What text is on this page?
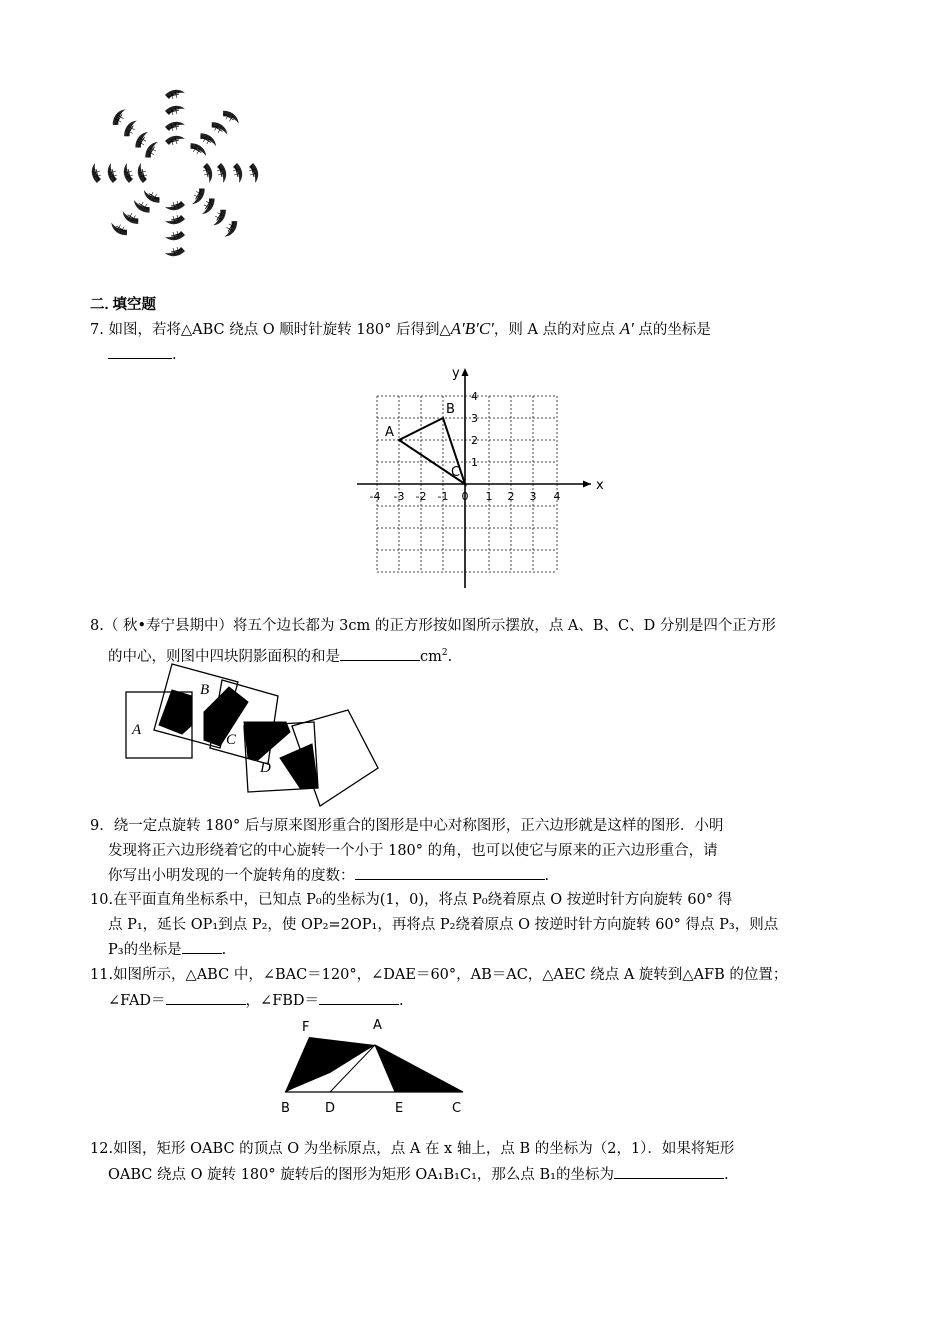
二. 填空题
7. 如图，若将△ABC 绕点 O 顺时针旋转 180° 后得到△A′B′C′，则 A 点的对应点 A′ 点的坐标是
.
x
y
-4 -3 -2 -1 0 1 2 3 4
1
2
3
4
A
B
C
8.（ 秋•寿宁县期中）将五个边长都为 3cm 的正方形按如图所示摆放，点 A、B、C、D 分别是四个正方形
的中心，则图中四块阴影面积的和是	$cm^2$.
A
B
C
D
9．绕一定点旋转 180° 后与原来图形重合的图形是中心对称图形，正六边形就是这样的图形．小明
发现将正六边形绕着它的中心旋转一个小于 180° 的角，也可以使它与原来的正六边形重合，请
你写出小明发现的一个旋转角的度数：	.
10.在平面直角坐标系中，已知点 P₀的坐标为(1，0)，将点 P₀绕着原点 O 按逆时针方向旋转 60° 得
点 P₁，延长 OP₁到点 P₂，使 OP₂=2OP₁，再将点 P₂绕着原点 O 按逆时针方向旋转 60° 得点 P₃，则点
P₃的坐标是	.
11.如图所示，△ABC 中，∠BAC＝120°，∠DAE＝60°，AB＝AC，△AEC 绕点 A 旋转到△AFB 的位置；
∠FAD＝	，∠FBD＝	.
F	A
B	D	E	C
12.如图，矩形 OABC 的顶点 O 为坐标原点，点 A 在 x 轴上，点 B 的坐标为（2，1）．如果将矩形
OABC 绕点 O 旋转 180° 旋转后的图形为矩形 OA₁B₁C₁，那么点 B₁的坐标为	.
